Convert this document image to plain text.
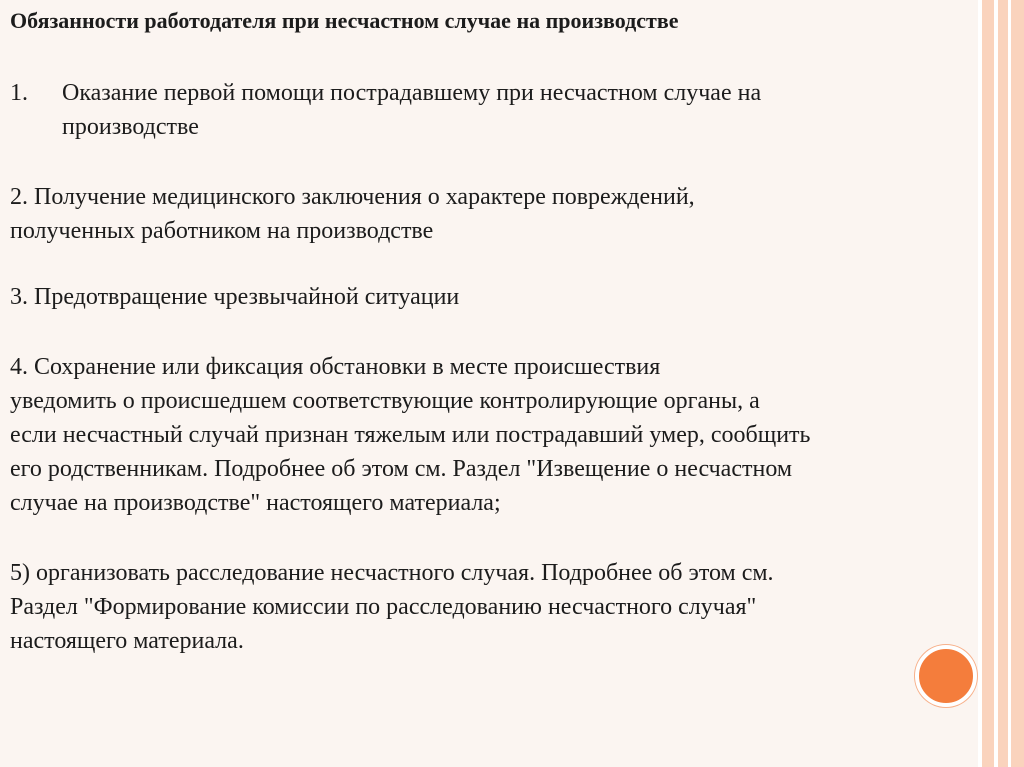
Обязанности работодателя при несчастном случае на производстве
1. Оказание первой помощи пострадавшему при несчастном случае на
производстве
2. Получение медицинского заключения о характере повреждений,
полученных работником на производстве
3. Предотвращение чрезвычайной ситуации
4. Сохранение или фиксация обстановки в месте происшествия
уведомить о происшедшем соответствующие контролирующие органы, а
если несчастный случай признан тяжелым или пострадавший умер, сообщить
его родственникам. Подробнее об этом см. Раздел "Извещение о несчастном
случае на производстве" настоящего материала;
5) организовать расследование несчастного случая. Подробнее об этом см.
Раздел "Формирование комиссии по расследованию несчастного случая"
настоящего материала.
